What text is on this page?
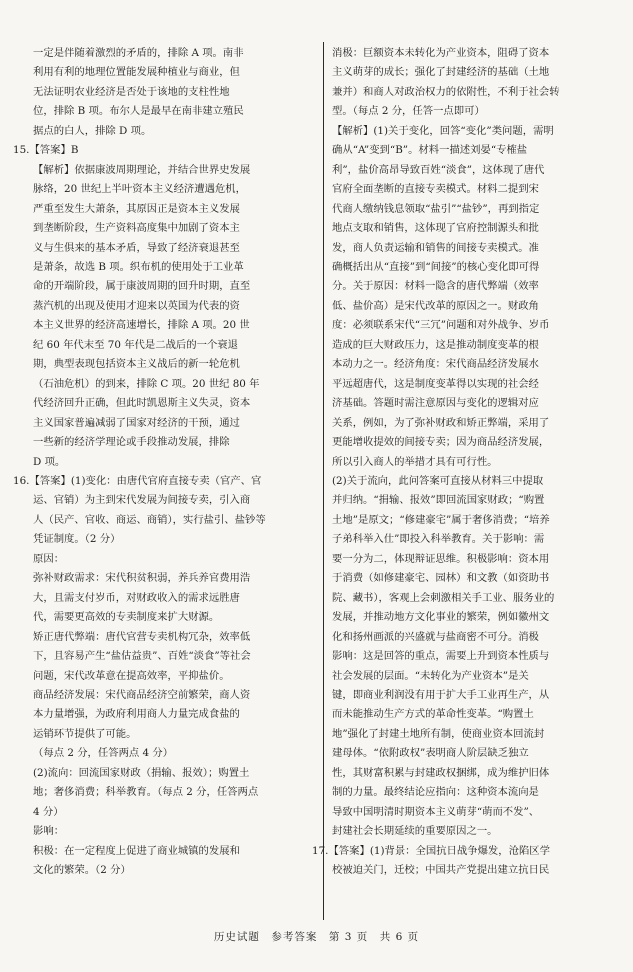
一定是伴随着激烈的矛盾的，排除 A 项。南非
利用有利的地理位置能发展种植业与商业，但
无法证明农业经济是否处于该地的支柱性地
位，排除 B 项。布尔人是最早在南非建立殖民
据点的白人，排除 D 项。
15.【答案】B
【解析】依据康波周期理论，并结合世界史发展
脉络，20 世纪上半叶资本主义经济遭遇危机，
严重至发生大萧条，其原因正是资本主义发展
到垄断阶段，生产资料高度集中加剧了资本主
义与生俱来的基本矛盾，导致了经济衰退甚至
是萧条，故选 B 项。织布机的使用处于工业革
命的开端阶段，属于康波周期的回升时期，直至
蒸汽机的出现及使用才迎来以英国为代表的资
本主义世界的经济高速增长，排除 A 项。20 世
纪 60 年代末至 70 年代是二战后的一个衰退
期，典型表现包括资本主义战后的新一轮危机
（石油危机）的到来，排除 C 项。20 世纪 80 年
代经济回升正确，但此时凯恩斯主义失灵，资本
主义国家普遍减弱了国家对经济的干预，通过
一些新的经济学理论或手段推动发展，排除
D 项。
16.【答案】(1)变化：由唐代官府直接专卖（官产、官
运、官销）为主到宋代发展为间接专卖，引入商
人（民产、官收、商运、商销），实行盐引、盐钞等
凭证制度。（2 分）
原因：
弥补财政需求：宋代积贫积弱，养兵养官费用浩
大，且需支付岁币，对财政收入的需求远胜唐
代，需要更高效的专卖制度来扩大财源。
矫正唐代弊端：唐代官营专卖机构冗杂，效率低
下，且容易产生“盐估益贵”、百姓“淡食”等社会
问题，宋代改革意在提高效率，平抑盐价。
商品经济发展：宋代商品经济空前繁荣，商人资
本力量增强，为政府利用商人力量完成食盐的
运销环节提供了可能。
（每点 2 分，任答两点 4 分）
(2)流向：回流国家财政（捐输、报效）；购置土
地；奢侈消费；科举教育。（每点 2 分，任答两点
4 分）
影响：
积极：在一定程度上促进了商业城镇的发展和
文化的繁荣。（2 分）
消极：巨额资本未转化为产业资本，阻碍了资本
主义萌芽的成长；强化了封建经济的基础（土地
兼并）和商人对政治权力的依附性，不利于社会转
型。（每点 2 分，任答一点即可）
【解析】(1)关于变化，回答“变化”类问题，需明
确从“A”变到“B”。材料一描述刘晏“专榷盐
利”，盐价高昂导致百姓“淡食”，这体现了唐代
官府全面垄断的直接专卖模式。材料二提到宋
代商人缴纳钱息领取“盐引”“盐钞”，再到指定
地点支取和销售，这体现了官府控制源头和批
发，商人负责运输和销售的间接专卖模式。准
确概括出从“直接”到“间接”的核心变化即可得
分。关于原因：材料一隐含的唐代弊端（效率
低、盐价高）是宋代改革的原因之一。财政角
度：必须联系宋代“三冗”问题和对外战争、岁币
造成的巨大财政压力，这是推动制度变革的根
本动力之一。经济角度：宋代商品经济发展水
平远超唐代，这是制度变革得以实现的社会经
济基础。答题时需注意原因与变化的逻辑对应
关系，例如，为了弥补财政和矫正弊端，采用了
更能增收提效的间接专卖；因为商品经济发展，
所以引入商人的举措才具有可行性。
(2)关于流向，此问答案可直接从材料三中提取
并归纳。“捐输、报效”即回流国家财政；“购置
土地”是原文；“修建豪宅”属于奢侈消费；“培养
子弟科举入仕”即投入科举教育。关于影响：需
要一分为二，体现辩证思维。积极影响：资本用
于消费（如修建豪宅、园林）和文教（如资助书
院、藏书），客观上会刺激相关手工业、服务业的
发展，并推动地方文化事业的繁荣，例如徽州文
化和扬州画派的兴盛就与盐商密不可分。消极
影响：这是回答的重点，需要上升到资本性质与
社会发展的层面。“未转化为产业资本”是关
键，即商业利润没有用于扩大手工业再生产，从
而未能推动生产方式的革命性变革。“购置土
地”强化了封建土地所有制，使商业资本回流封
建母体。“依附政权”表明商人阶层缺乏独立
性，其财富积累与封建政权捆绑，成为维护旧体
制的力量。最终结论应指向：这种资本流向是
导致中国明清时期资本主义萌芽“萌而不发”、
封建社会长期延续的重要原因之一。
17.【答案】(1)背景：全国抗日战争爆发，沧陷区学
校被迫关门，迁校；中国共产党提出建立抗日民
历史试题　参考答案　第 3 页　共 6 页
